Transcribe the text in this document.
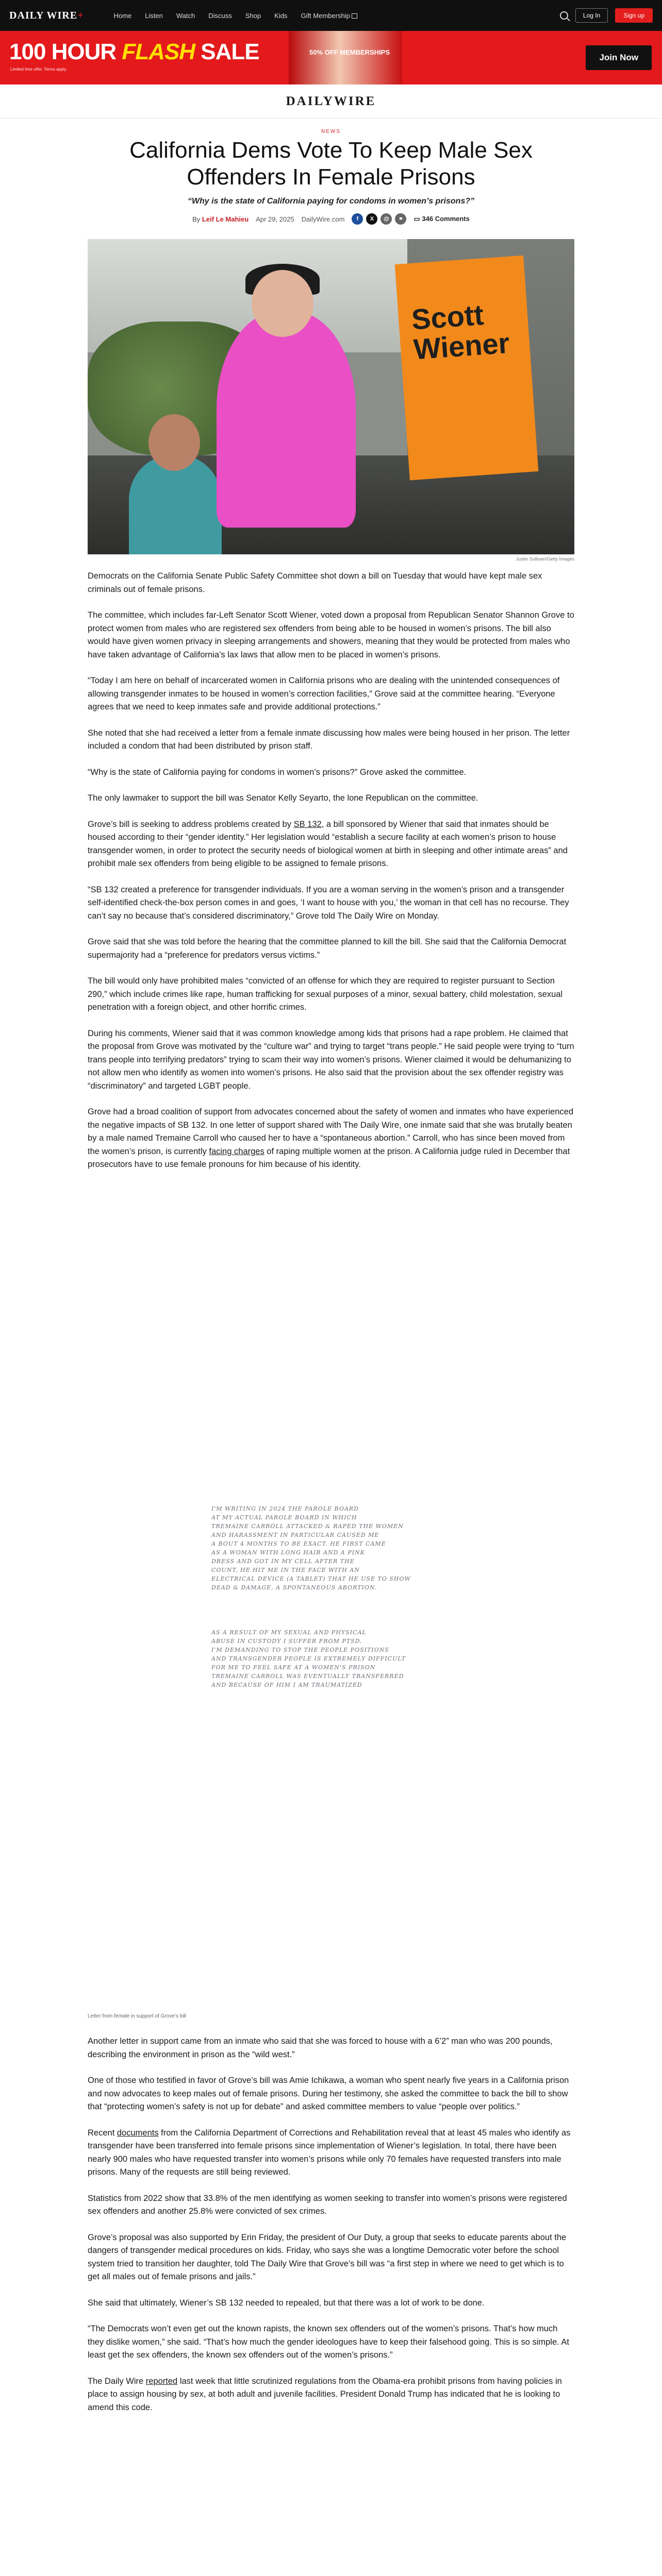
DAILY WIRE+	Home Listen Watch Discuss Shop Kids Gift Membership	Log In	Sign up
100 HOUR FLASH SALE
Limited time offer. Terms apply.
50% OFF MEMBERSHIPS
Join Now
DAILYWIRE
NEWS
California Dems Vote To Keep Male Sex Offenders In Female Prisons
“Why is the state of California paying for condoms in women’s prisons?”
By Leif Le Mahieu Apr 29, 2025 DailyWire.com	f	X	@	⚭	▭ 346 Comments
Scott Wiener
Justin Sullivan/Getty Images

Democrats on the California Senate Public Safety Committee shot down a bill on Tuesday that would have kept male sex criminals out of female prisons.

The committee, which includes far-Left Senator Scott Wiener, voted down a proposal from Republican Senator Shannon Grove to protect women from males who are registered sex offenders from being able to be housed in women’s prisons. The bill also would have given women privacy in sleeping arrangements and showers, meaning that they would be protected from males who have taken advantage of California’s lax laws that allow men to be placed in women’s prisons.

“Today I am here on behalf of incarcerated women in California prisons who are dealing with the unintended consequences of allowing transgender inmates to be housed in women’s correction facilities,” Grove said at the committee hearing. “Everyone agrees that we need to keep inmates safe and provide additional protections.”

She noted that she had received a letter from a female inmate discussing how males were being housed in her prison. The letter included a condom that had been distributed by prison staff.

“Why is the state of California paying for condoms in women’s prisons?” Grove asked the committee.

The only lawmaker to support the bill was Senator Kelly Seyarto, the lone Republican on the committee.

Grove’s bill is seeking to address problems created by SB 132, a bill sponsored by Wiener that said that inmates should be housed according to their “gender identity.” Her legislation would “establish a secure facility at each women’s prison to house transgender women, in order to protect the security needs of biological women at birth in sleeping and other intimate areas” and prohibit male sex offenders from being eligible to be assigned to female prisons.

“SB 132 created a preference for transgender individuals. If you are a woman serving in the women’s prison and a transgender self-identified check-the-box person comes in and goes, ‘I want to house with you,’ the woman in that cell has no recourse. They can’t say no because that’s considered discriminatory,” Grove told The Daily Wire on Monday.

Grove said that she was told before the hearing that the committee planned to kill the bill. She said that the California Democrat supermajority had a “preference for predators versus victims.”

The bill would only have prohibited males “convicted of an offense for which they are required to register pursuant to Section 290,” which include crimes like rape, human trafficking for sexual purposes of a minor, sexual battery, child molestation, sexual penetration with a foreign object, and other horrific crimes.

During his comments, Wiener said that it was common knowledge among kids that prisons had a rape problem. He claimed that the proposal from Grove was motivated by the “culture war” and trying to target “trans people.” He said people were trying to “turn trans people into terrifying predators” trying to scam their way into women’s prisons. Wiener claimed it would be dehumanizing to not allow men who identify as women into women’s prisons. He also said that the provision about the sex offender registry was “discriminatory” and targeted LGBT people.

Grove had a broad coalition of support from advocates concerned about the safety of women and inmates who have experienced the negative impacts of SB 132. In one letter of support shared with The Daily Wire, one inmate said that she was brutally beaten by a male named Tremaine Carroll who caused her to have a “spontaneous abortion.” Carroll, who has since been moved from the women’s prison, is currently facing charges of raping multiple women at the prison. A California judge ruled in December that prosecutors have to use female pronouns for him because of his identity.

I'M WRITING IN 2024 THE PAROLE BOARD
AT MY ACTUAL PAROLE BOARD IN WHICH
TREMAINE CARROLL ATTACKED & RAPED THE WOMEN
AND HARASSMENT IN PARTICULAR CAUSED ME
A BOUT 4 MONTHS TO BE EXACT. HE FIRST CAME
AS A WOMAN WITH LONG HAIR AND A PINK
DRESS AND GOT IN MY CELL AFTER THE
COUNT, HE HIT ME IN THE FACE WITH AN
ELECTRICAL DEVICE (A TABLET) THAT HE USE TO SHOW
DEAD & DAMAGE, A SPONTANEOUS ABORTION.
AS A RESULT OF MY SEXUAL AND PHYSICAL
ABUSE IN CUSTODY I SUFFER FROM PTSD.
I'M DEMANDING TO STOP THE PEOPLE POSITIONS
AND TRANSGENDER PEOPLE IS EXTREMELY DIFFICULT
FOR ME TO FEEL SAFE AT A WOMEN'S PRISON
TREMAINE CARROLL WAS EVENTUALLY TRANSFERRED
AND BECAUSE OF HIM I AM TRAUMATIZED
Letter from female in support of Grove’s bill

Another letter in support came from an inmate who said that she was forced to house with a 6’2” man who was 200 pounds, describing the environment in prison as the “wild west.”

One of those who testified in favor of Grove’s bill was Amie Ichikawa, a woman who spent nearly five years in a California prison and now advocates to keep males out of female prisons. During her testimony, she asked the committee to back the bill to show that “protecting women’s safety is not up for debate” and asked committee members to value “people over politics.”

Recent documents from the California Department of Corrections and Rehabilitation reveal that at least 45 males who identify as transgender have been transferred into female prisons since implementation of Wiener’s legislation. In total, there have been nearly 900 males who have requested transfer into women’s prisons while only 70 females have requested transfers into male prisons. Many of the requests are still being reviewed.

Statistics from 2022 show that 33.8% of the men identifying as women seeking to transfer into women’s prisons were registered sex offenders and another 25.8% were convicted of sex crimes.

Grove’s proposal was also supported by Erin Friday, the president of Our Duty, a group that seeks to educate parents about the dangers of transgender medical procedures on kids. Friday, who says she was a longtime Democratic voter before the school system tried to transition her daughter, told The Daily Wire that Grove’s bill was “a first step in where we need to get which is to get all males out of female prisons and jails.”

She said that ultimately, Wiener’s SB 132 needed to repealed, but that there was a lot of work to be done.

“The Democrats won’t even get out the known rapists, the known sex offenders out of the women’s prisons. That’s how much they dislike women,” she said. “That’s how much the gender ideologues have to keep their falsehood going. This is so simple. At least get the sex offenders, the known sex offenders out of the women’s prisons.”

The Daily Wire reported last week that little scrutinized regulations from the Obama-era prohibit prisons from having policies in place to assign housing by sex, at both adult and juvenile facilities. President Donald Trump has indicated that he is looking to amend this code.
